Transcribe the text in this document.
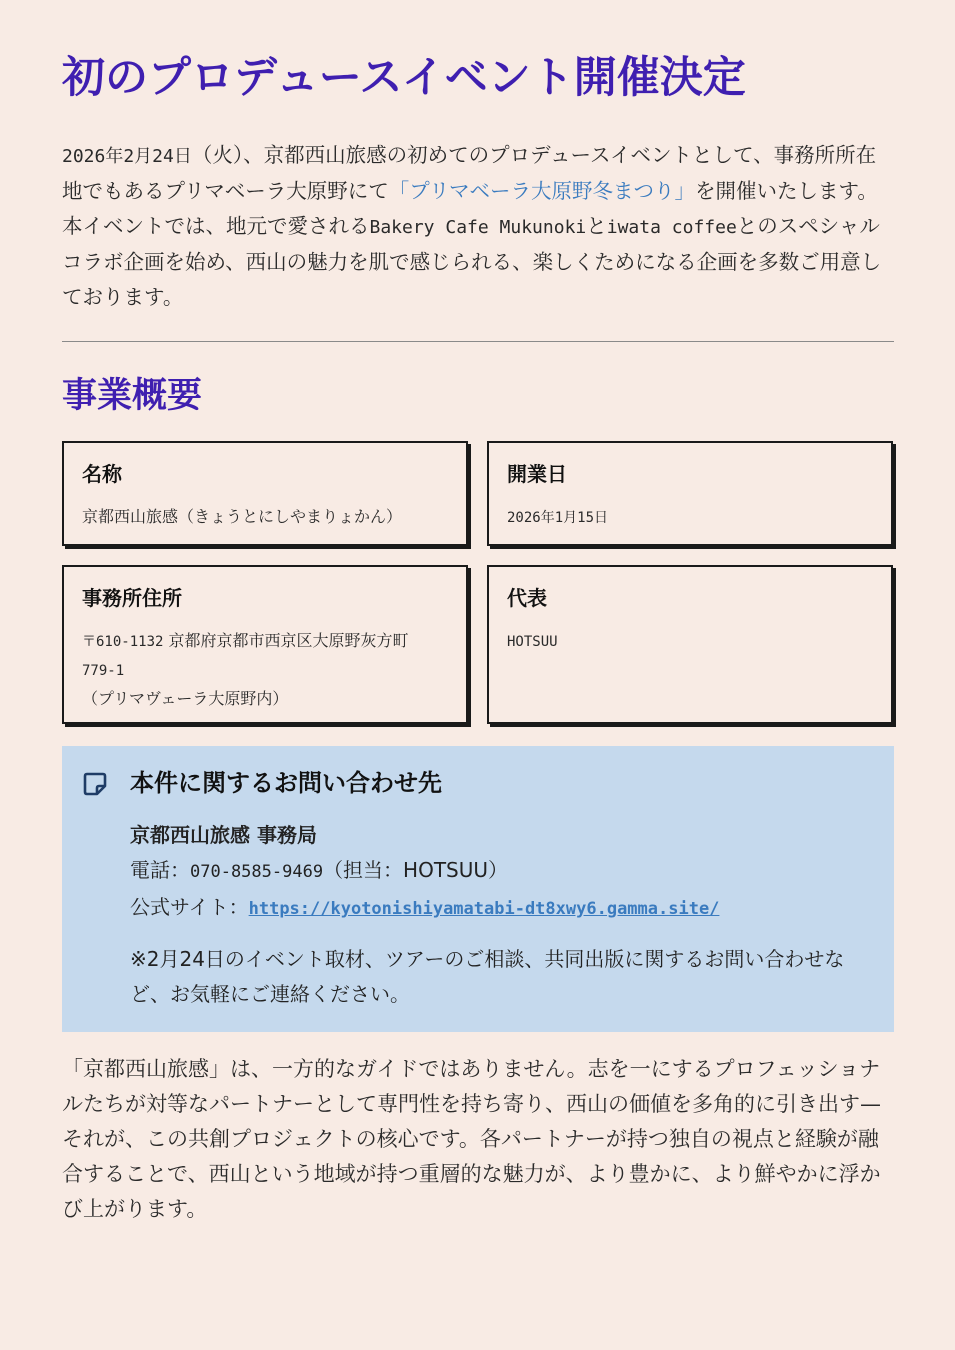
初のプロデュースイベント開催決定
2026年2月24日（火）、京都西山旅感の初めてのプロデュースイベントとして、事務所所在地でもあるプリマベーラ大原野にて「プリマベーラ大原野冬まつり」を開催いたします。本イベントでは、地元で愛されるBakery Cafe Mukunokiとiwata coffeeとのスペシャルコラボ企画を始め、西山の魅力を肌で感じられる、楽しくためになる企画を多数ご用意しております。
事業概要
名称
京都西山旅感（きょうとにしやまりょかん）
開業日
2026年1月15日
事務所住所
〒610-1132 京都府京都市西京区大原野灰方町
779-1
（プリマヴェーラ大原野内）
代表
HOTSUU
本件に関するお問い合わせ先
京都西山旅感 事務局
電話：070-8585-9469（担当：HOTSUU）
公式サイト：https://kyotonishiyamatabi-dt8xwy6.gamma.site/
※2月24日のイベント取材、ツアーのご相談、共同出版に関するお問い合わせなど、お気軽にご連絡ください。
「京都西山旅感」は、一方的なガイドではありません。志を一にするプロフェッショナルたちが対等なパートナーとして専門性を持ち寄り、西山の価値を多角的に引き出す—それが、この共創プロジェクトの核心です。各パートナーが持つ独自の視点と経験が融合することで、西山という地域が持つ重層的な魅力が、より豊かに、より鮮やかに浮かび上がります。
